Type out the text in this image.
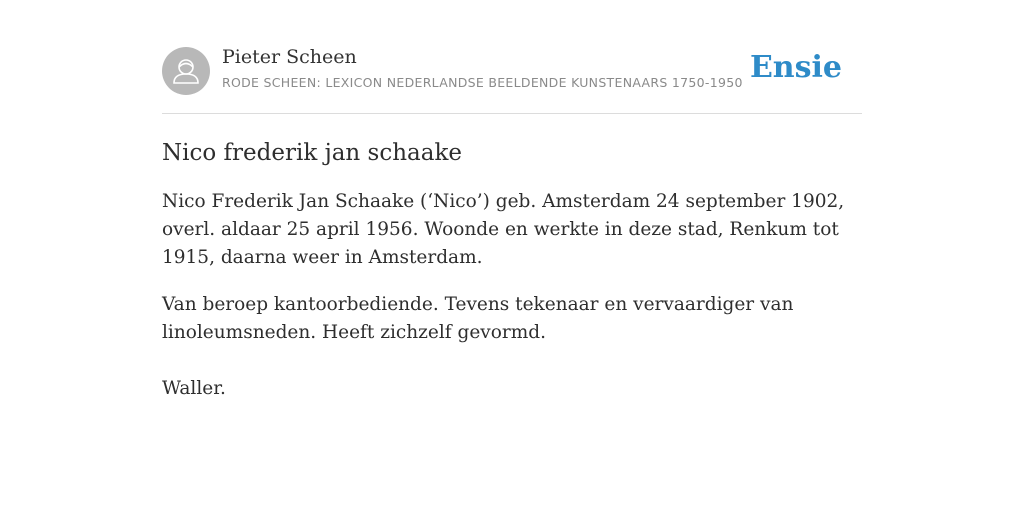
Pieter Scheen
RODE SCHEEN: LEXICON NEDERLANDSE BEELDENDE KUNSTENAARS 1750-1950 Ensie
Nico frederik jan schaake

Nico Frederik Jan Schaake (‘Nico’) geb. Amsterdam 24 september 1902, overl. aldaar 25 april 1956. Woonde en werkte in deze stad, Renkum tot 1915, daarna weer in Amsterdam.

Van beroep kantoorbediende. Tevens tekenaar en vervaardiger van linoleumsneden. Heeft zichzelf gevormd.

Waller.
